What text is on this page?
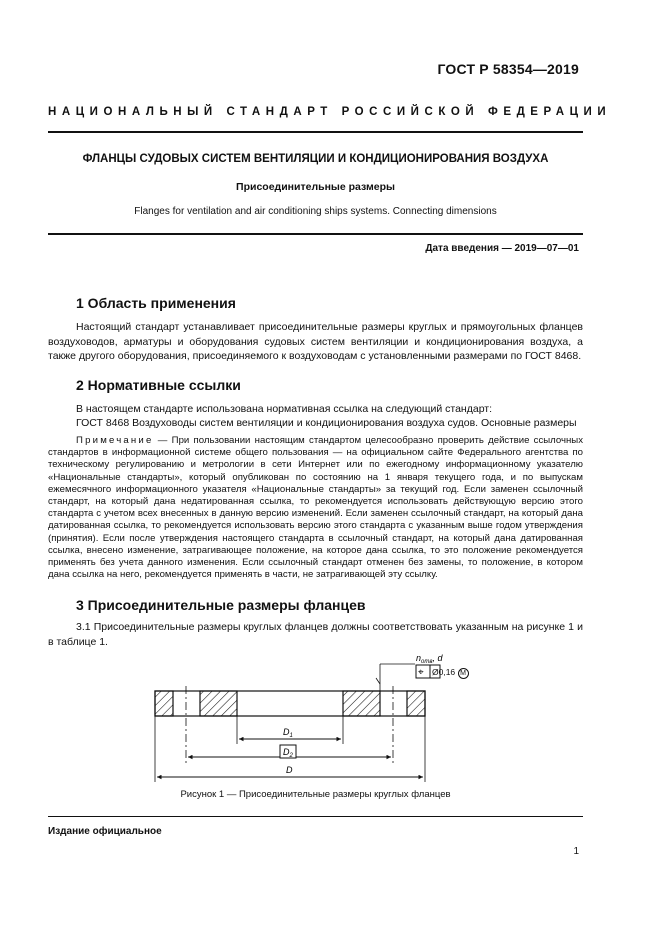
ГОСТ Р 58354—2019
НАЦИОНАЛЬНЫЙ СТАНДАРТ РОССИЙСКОЙ ФЕДЕРАЦИИ
ФЛАНЦЫ СУДОВЫХ СИСТЕМ ВЕНТИЛЯЦИИ И КОНДИЦИОНИРОВАНИЯ ВОЗДУХА
Присоединительные размеры
Flanges for ventilation and air conditioning ships systems. Connecting dimensions
Дата введения — 2019—07—01
1 Область применения
Настоящий стандарт устанавливает присоединительные размеры круглых и прямоугольных фланцев воздуховодов, арматуры и оборудования судовых систем вентиляции и кондиционирования воздуха, а также другого оборудования, присоединяемого к воздуховодам с установленными размерами по ГОСТ 8468.
2 Нормативные ссылки
В настоящем стандарте использована нормативная ссылка на следующий стандарт:
ГОСТ 8468 Воздуховоды систем вентиляции и кондиционирования воздуха судов. Основные размеры
Примечание — При пользовании настоящим стандартом целесообразно проверить действие ссылочных стандартов в информационной системе общего пользования — на официальном сайте Федерального агентства по техническому регулированию и метрологии в сети Интернет или по ежегодному информационному указателю «Национальные стандарты», который опубликован по состоянию на 1 января текущего года, и по выпускам ежемесячного информационного указателя «Национальные стандарты» за текущий год. Если заменен ссылочный стандарт, на который дана недатированная ссылка, то рекомендуется использовать действующую версию этого стандарта с учетом всех внесенных в данную версию изменений. Если заменен ссылочный стандарт, на который дана датированная ссылка, то рекомендуется использовать версию этого стандарта с указанным выше годом утверждения (принятия). Если после утверждения настоящего стандарта в ссылочный стандарт, на который дана датированная ссылка, внесено изменение, затрагивающее положение, на которое дана ссылка, то это положение рекомендуется применять без учета данного изменения. Если ссылочный стандарт отменен без замены, то положение, в котором дана ссылка на него, рекомендуется применять в части, не затрагивающей эту ссылку.
3 Присоединительные размеры фланцев
3.1 Присоединительные размеры круглых фланцев должны соответствовать указанным на рисунке 1 и в таблице 1.
$n_{отв}$, d
⌖
$D_1$
$D_2$
D
Ø0,16 M
Рисунок 1 — Присоединительные размеры круглых фланцев
Издание официальное
1
